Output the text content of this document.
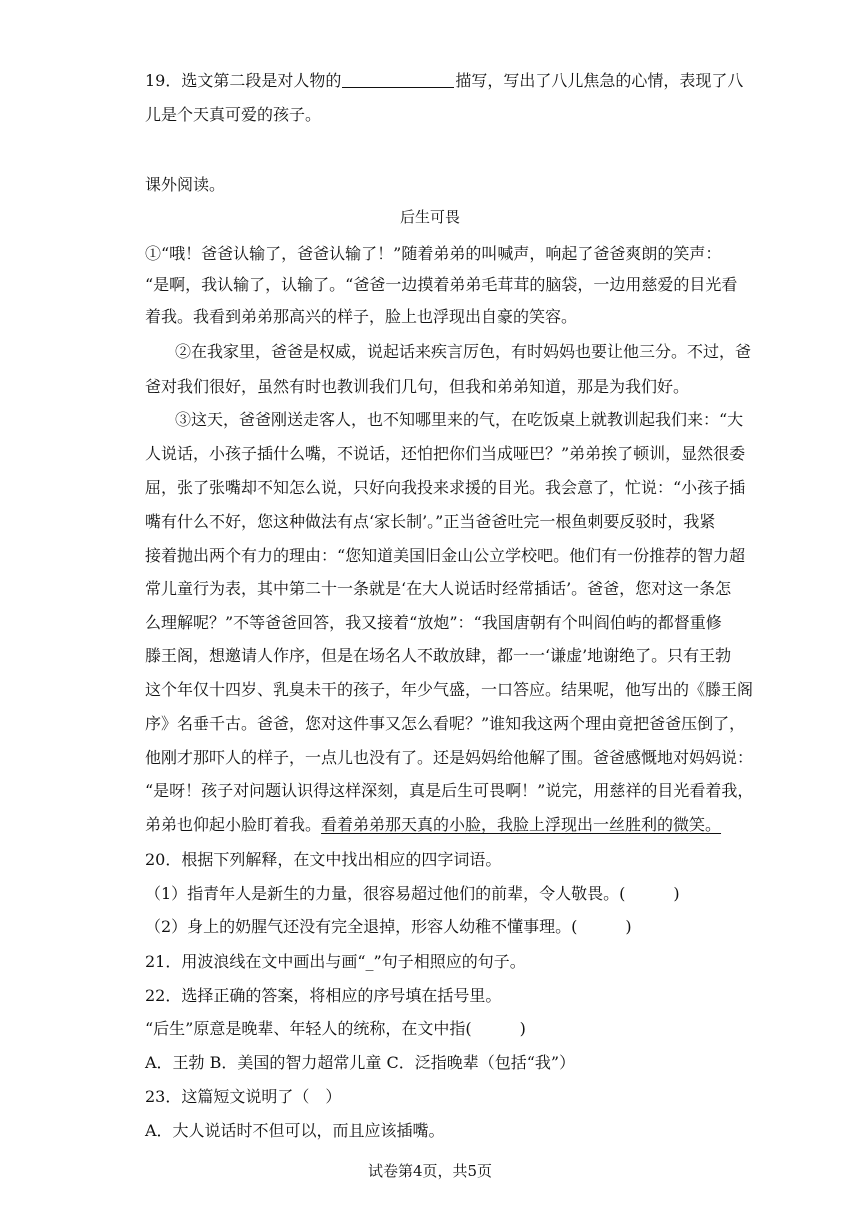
19．选文第二段是对人物的	描写，写出了八儿焦急的心情，表现了八
儿是个天真可爱的孩子。
课外阅读。
后生可畏
①“哦！爸爸认输了，爸爸认输了！”随着弟弟的叫喊声，响起了爸爸爽朗的笑声：
“是啊，我认输了，认输了。“爸爸一边摸着弟弟毛茸茸的脑袋，一边用慈爱的目光看
着我。我看到弟弟那高兴的样子，脸上也浮现出自豪的笑容。
②在我家里，爸爸是权威，说起话来疾言厉色，有时妈妈也要让他三分。不过，爸
爸对我们很好，虽然有时也教训我们几句，但我和弟弟知道，那是为我们好。
③这天，爸爸刚送走客人，也不知哪里来的气，在吃饭桌上就教训起我们来：“大
人说话，小孩子插什么嘴，不说话，还怕把你们当成哑巴？”弟弟挨了顿训，显然很委
屈，张了张嘴却不知怎么说，只好向我投来求援的目光。我会意了，忙说：“小孩子插
嘴有什么不好，您这种做法有点‘家长制’。”正当爸爸吐完一根鱼刺要反驳时，我紧
接着抛出两个有力的理由：“您知道美国旧金山公立学校吧。他们有一份推荐的智力超
常儿童行为表，其中第二十一条就是‘在大人说话时经常插话’。爸爸，您对这一条怎
么理解呢？”不等爸爸回答，我又接着“放炮”：“我国唐朝有个叫阎伯屿的都督重修
滕王阁，想邀请人作序，但是在场名人不敢放肆，都一一‘谦虚’地谢绝了。只有王勃
这个年仅十四岁、乳臭未干的孩子，年少气盛，一口答应。结果呢，他写出的《滕王阁
序》名垂千古。爸爸，您对这件事又怎么看呢？”谁知我这两个理由竟把爸爸压倒了，
他刚才那吓人的样子，一点儿也没有了。还是妈妈给他解了围。爸爸感慨地对妈妈说：
“是呀！孩子对问题认识得这样深刻，真是后生可畏啊！”说完，用慈祥的目光看着我，
弟弟也仰起小脸盯着我。看着弟弟那天真的小脸，我脸上浮现出一丝胜利的微笑。
20．根据下列解释，在文中找出相应的四字词语。
（1）指青年人是新生的力量，很容易超过他们的前辈，令人敬畏。(　　　)
（2）身上的奶腥气还没有完全退掉，形容人幼稚不懂事理。(　　　)
21．用波浪线在文中画出与画“_”句子相照应的句子。
22．选择正确的答案，将相应的序号填在括号里。
“后生”原意是晚辈、年轻人的统称，在文中指(　　　)
A．王勃 B．美国的智力超常儿童 C．泛指晚辈（包括“我”）
23．这篇短文说明了（　）
A．大人说话时不但可以，而且应该插嘴。
试卷第4页，共5页
